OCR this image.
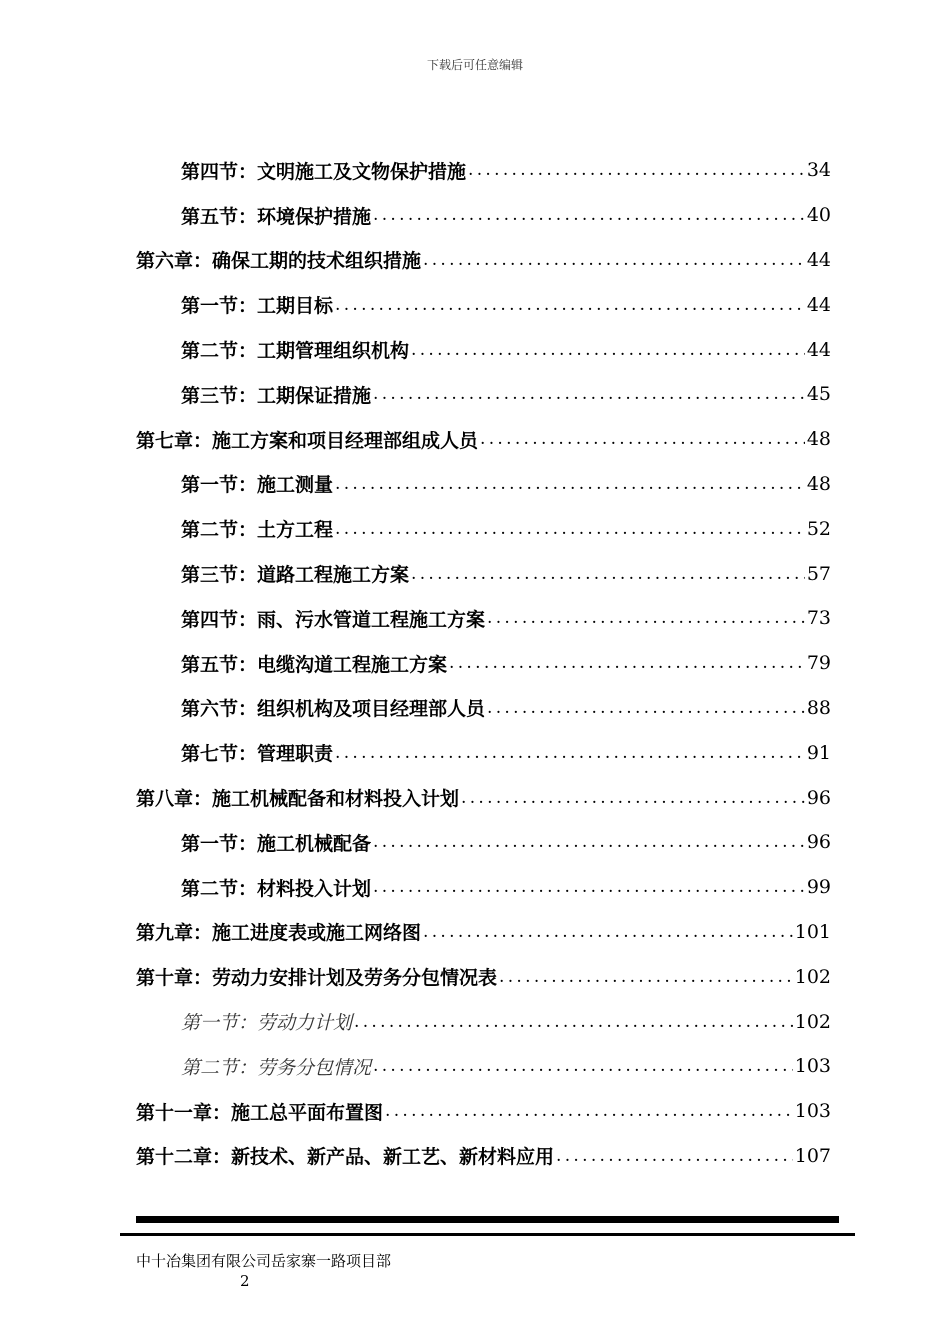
下载后可任意编辑
第四节：文明施工及文物保护措施 .....	34
第五节：环境保护措施 .....	40
第六章：确保工期的技术组织措施 .....	44
第一节：工期目标 .....	44
第二节：工期管理组织机构 .....	44
第三节：工期保证措施 .....	45
第七章：施工方案和项目经理部组成人员 .....	48
第一节：施工测量 .....	48
第二节：土方工程 .....	52
第三节：道路工程施工方案 .....	57
第四节：雨、污水管道工程施工方案 .....	73
第五节：电缆沟道工程施工方案 .....	79
第六节：组织机构及项目经理部人员 .....	88
第七节：管理职责 .....	91
第八章：施工机械配备和材料投入计划 .....	96
第一节：施工机械配备 .....	96
第二节：材料投入计划 .....	99
第九章：施工进度表或施工网络图 .....	101
第十章：劳动力安排计划及劳务分包情况表 .....	102
第一节：劳动力计划 .....	102
第二节：劳务分包情况 .....	103
第十一章：施工总平面布置图 .....	103
第十二章：新技术、新产品、新工艺、新材料应用 .....	107
中十冶集团有限公司岳家寨一路项目部
2
